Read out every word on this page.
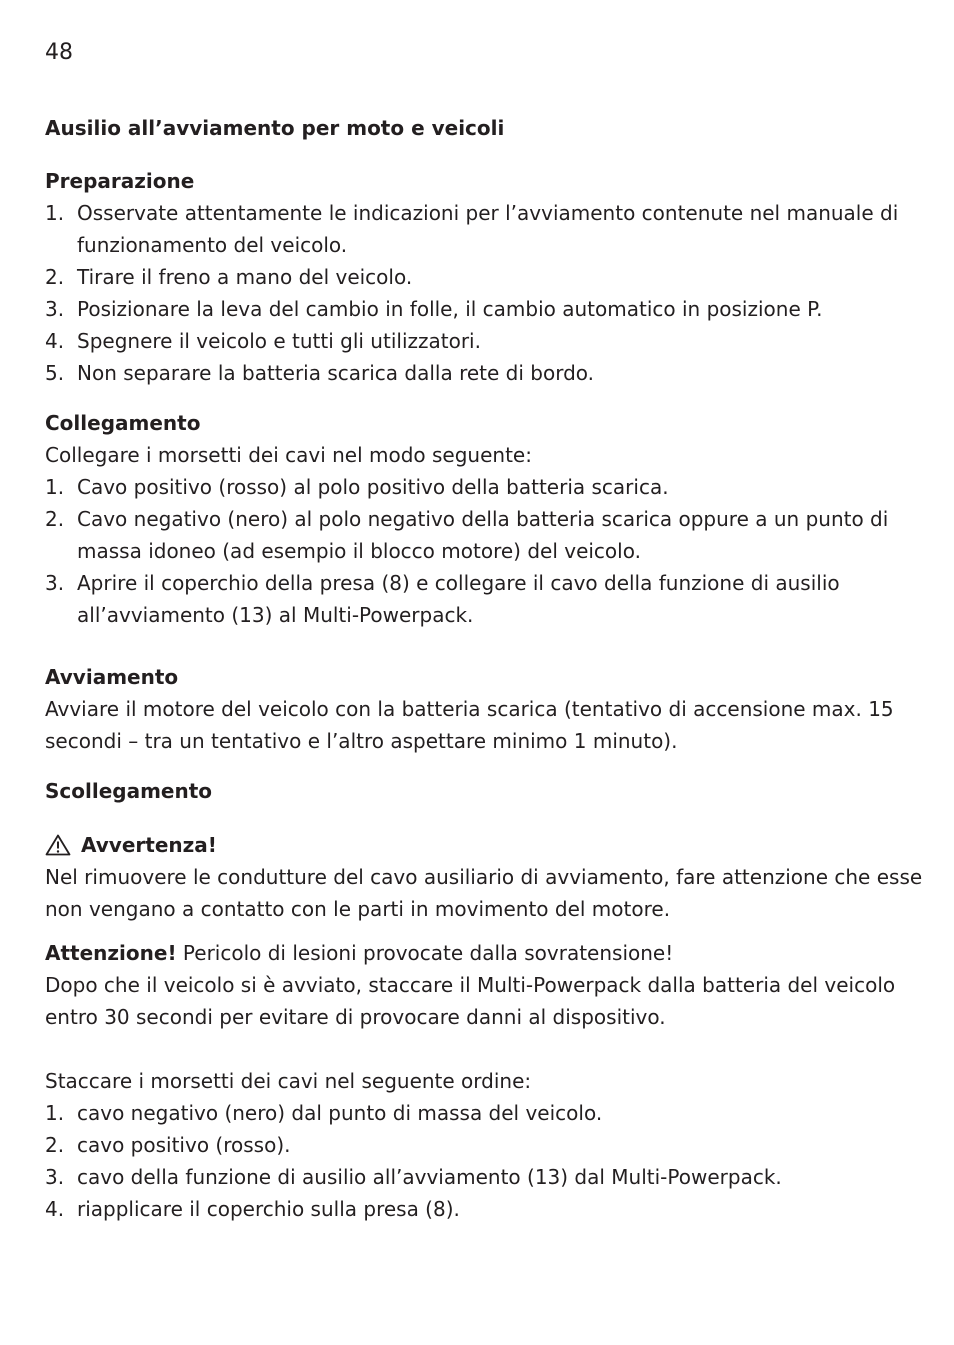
48
Ausilio all’avviamento per moto e veicoli
Preparazione
1. Osservate attentamente le indicazioni per l’avviamento contenute nel manuale di funzionamento del veicolo.
2. Tirare il freno a mano del veicolo.
3. Posizionare la leva del cambio in folle, il cambio automatico in posizione P.
4. Spegnere il veicolo e tutti gli utilizzatori.
5. Non separare la batteria scarica dalla rete di bordo.
Collegamento

Collegare i morsetti dei cavi nel modo seguente:

1. Cavo positivo (rosso) al polo positivo della batteria scarica.
2. Cavo negativo (nero) al polo negativo della batteria scarica oppure a un punto di massa idoneo (ad esempio il blocco motore) del veicolo.
3. Aprire il coperchio della presa (8) e collegare il cavo della funzione di ausilio all’avviamento (13) al Multi-Powerpack.
Avviamento

Avviare il motore del veicolo con la batteria scarica (tentativo di accensione max. 15 secondi – tra un tentativo e l’altro aspettare minimo 1 minuto).

Scollegamento
Avvertenza!

Nel rimuovere le condutture del cavo ausiliario di avviamento, fare attenzione che esse non vengano a contatto con le parti in movimento del motore.

Attenzione! Pericolo di lesioni provocate dalla sovratensione!

Dopo che il veicolo si è avviato, staccare il Multi-Powerpack dalla batteria del veicolo entro 30 secondi per evitare di provocare danni al dispositivo.

Staccare i morsetti dei cavi nel seguente ordine:

1. cavo negativo (nero) dal punto di massa del veicolo.
2. cavo positivo (rosso).
3. cavo della funzione di ausilio all’avviamento (13) dal Multi-Powerpack.
4. riapplicare il coperchio sulla presa (8).
